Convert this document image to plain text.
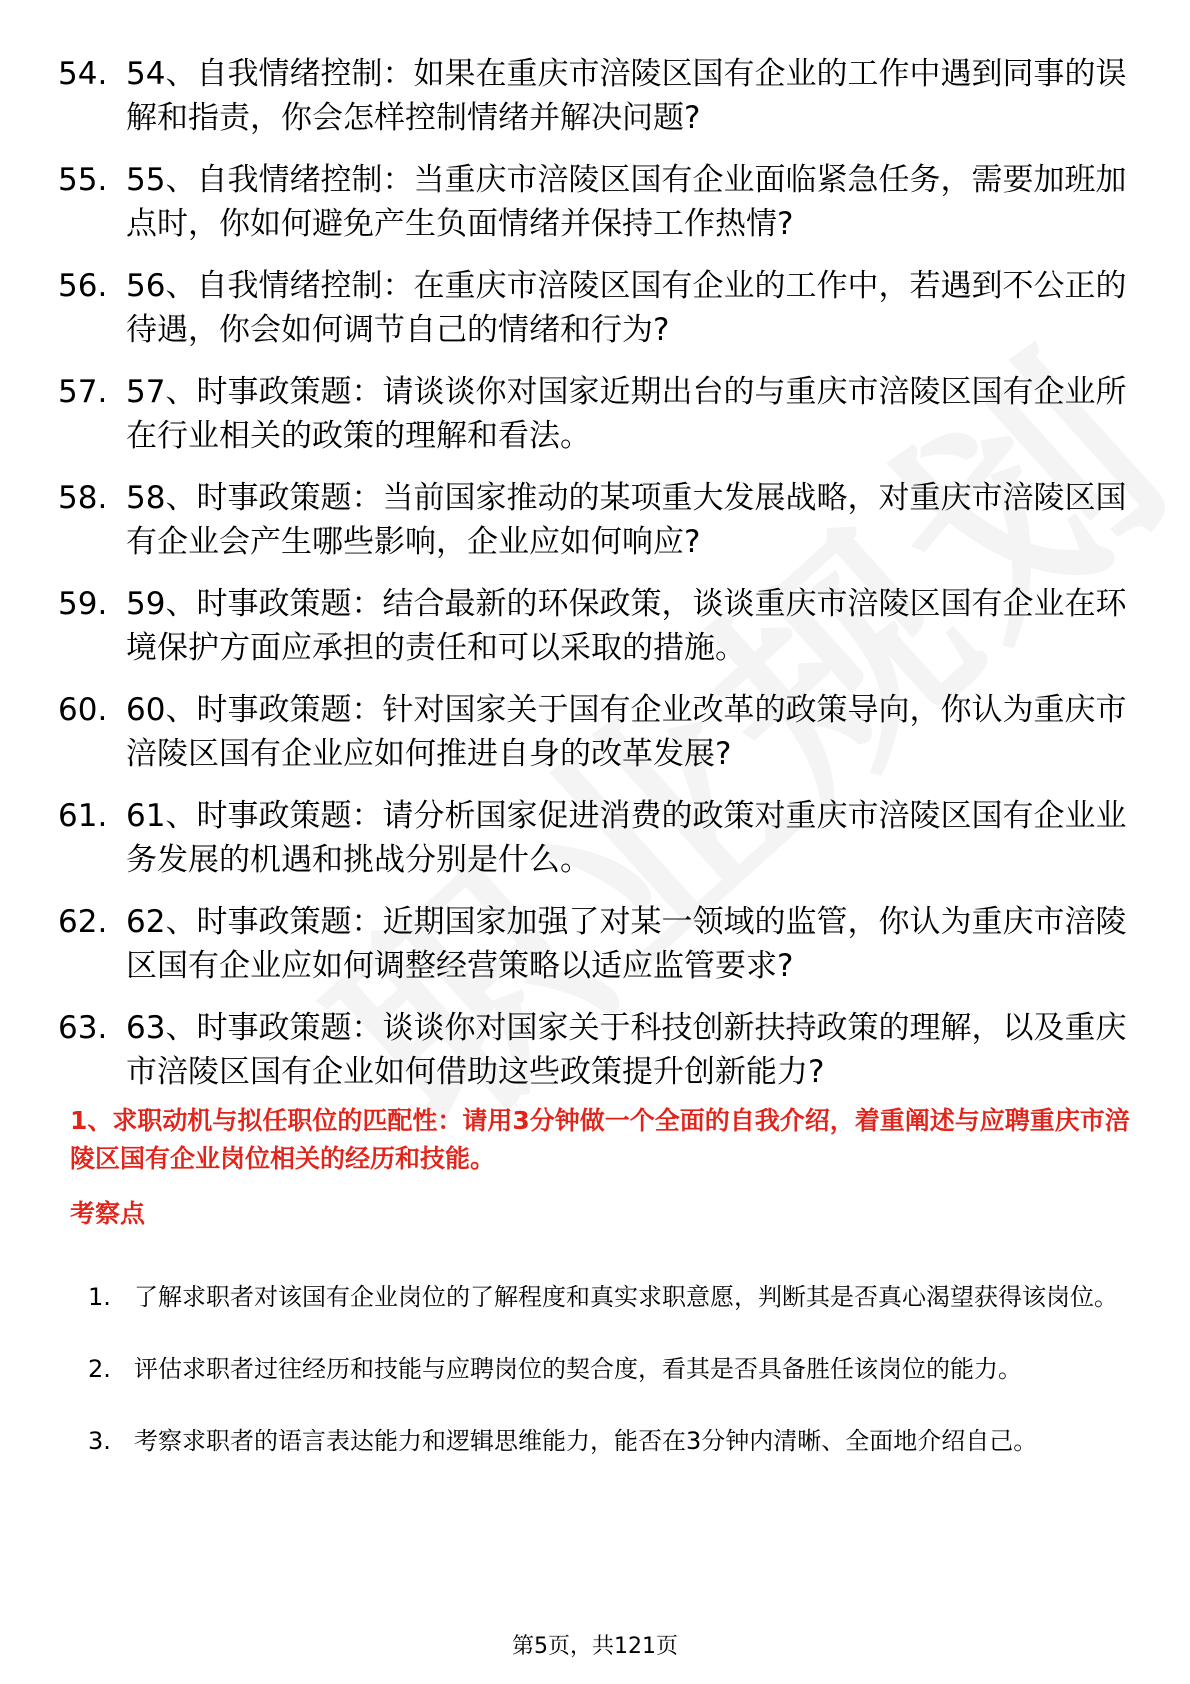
54. 54、自我情绪控制：如果在重庆市涪陵区国有企业的工作中遇到同事的误解和指责，你会怎样控制情绪并解决问题?
55. 55、自我情绪控制：当重庆市涪陵区国有企业面临紧急任务，需要加班加点时，你如何避免产生负面情绪并保持工作热情?
56. 56、自我情绪控制：在重庆市涪陵区国有企业的工作中，若遇到不公正的待遇，你会如何调节自己的情绪和行为?
57. 57、时事政策题：请谈谈你对国家近期出台的与重庆市涪陵区国有企业所在行业相关的政策的理解和看法。
58. 58、时事政策题：当前国家推动的某项重大发展战略，对重庆市涪陵区国有企业会产生哪些影响，企业应如何响应?
59. 59、时事政策题：结合最新的环保政策，谈谈重庆市涪陵区国有企业在环境保护方面应承担的责任和可以采取的措施。
60. 60、时事政策题：针对国家关于国有企业改革的政策导向，你认为重庆市涪陵区国有企业应如何推进自身的改革发展?
61. 61、时事政策题：请分析国家促进消费的政策对重庆市涪陵区国有企业业务发展的机遇和挑战分别是什么。
62. 62、时事政策题：近期国家加强了对某一领域的监管，你认为重庆市涪陵区国有企业应如何调整经营策略以适应监管要求?
63. 63、时事政策题：谈谈你对国家关于科技创新扶持政策的理解，以及重庆市涪陵区国有企业如何借助这些政策提升创新能力?
1、求职动机与拟任职位的匹配性：请用3分钟做一个全面的自我介绍，着重阐述与应聘重庆市涪陵区国有企业岗位相关的经历和技能。
考察点
1. 了解求职者对该国有企业岗位的了解程度和真实求职意愿，判断其是否真心渴望获得该岗位。
2. 评估求职者过往经历和技能与应聘岗位的契合度，看其是否具备胜任该岗位的能力。
3. 考察求职者的语言表达能力和逻辑思维能力，能否在3分钟内清晰、全面地介绍自己。
第5页，共121页
